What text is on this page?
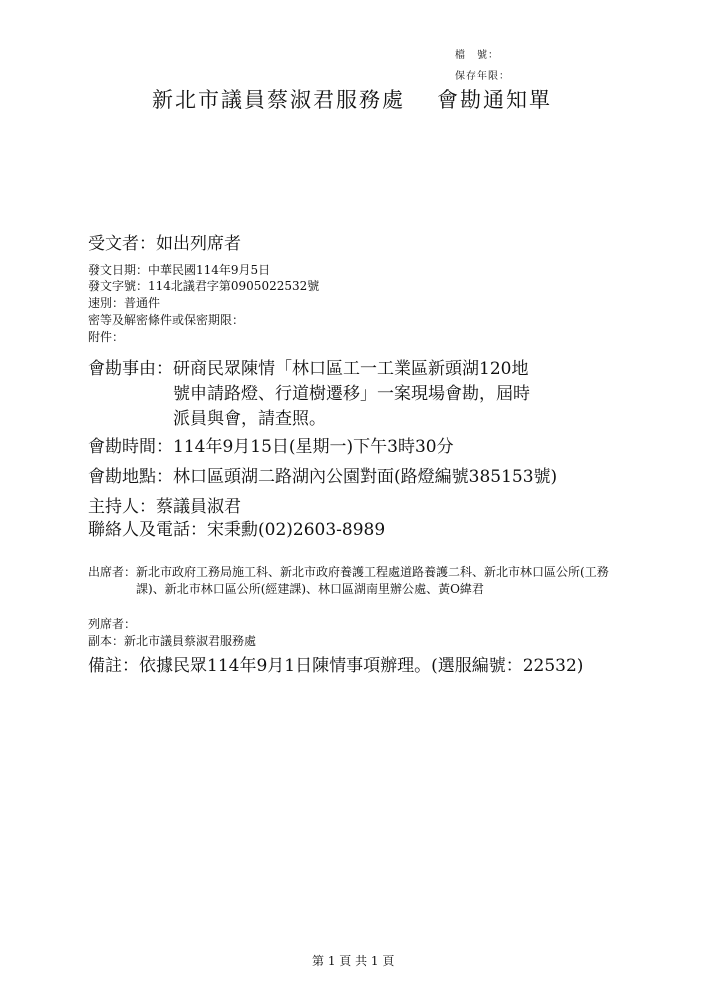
檔　號：
保存年限：
新北市議員蔡淑君服務處 會勘通知單
受文者：如出列席者
發文日期：中華民國114年9月5日
發文字號：114北議君字第0905022532號
速別：普通件
密等及解密條件或保密期限：
附件：
會勘事由： 研商民眾陳情「林口區工一工業區新頭湖120地號申請路燈、行道樹遷移」一案現場會勘，屆時派員與會，請查照。
會勘時間：114年9月15日(星期一)下午3時30分
會勘地點：林口區頭湖二路湖內公園對面(路燈編號385153號)
主持人：蔡議員淑君
聯絡人及電話：宋秉勳(02)2603-8989
出席者： 新北市政府工務局施工科、新北市政府養護工程處道路養護二科、新北市林口區公所(工務課)、新北市林口區公所(經建課)、林口區湖南里辦公處、黃O緯君
列席者：
副本：新北市議員蔡淑君服務處
備註：依據民眾114年9月1日陳情事項辦理。(選服編號：22532)
第 1 頁 共 1 頁
